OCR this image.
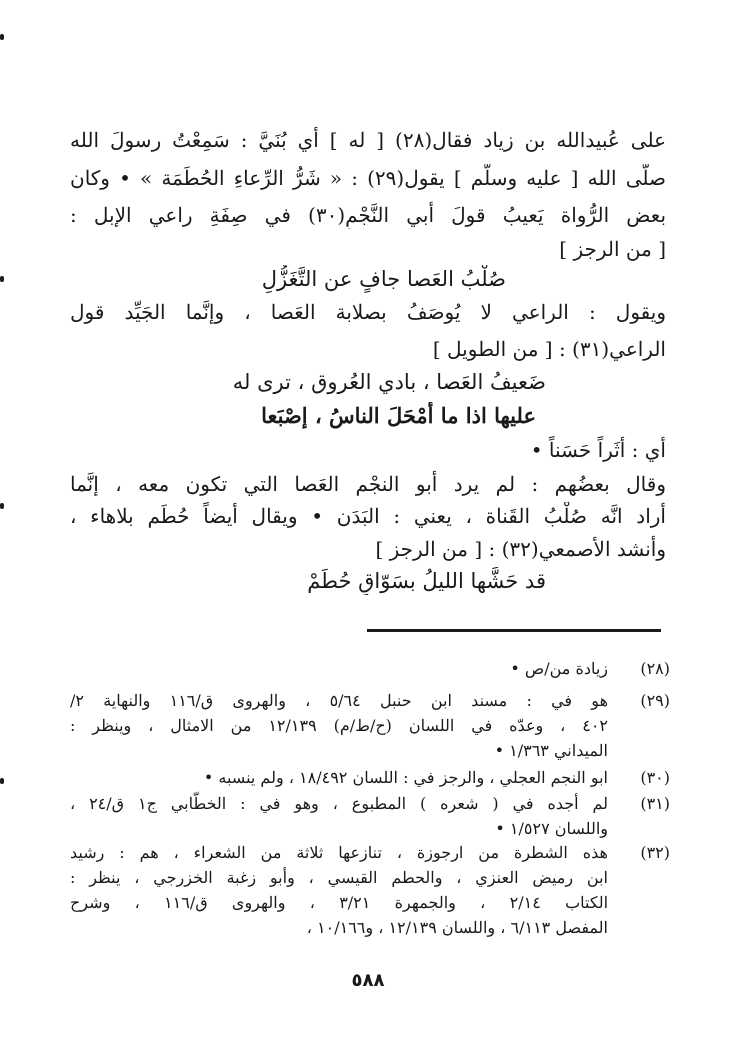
على عُبيدالله بن زياد فقال(٢٨) [ له ] أي بُنَيَّ : سَمِعْتُ رسولَ الله
صلّى الله [ عليه وسلّم ] يقول(٢٩) : « شَرُّ الرِّعاءِ الحُطَمَة » • وكان
بعض الرُّواة يَعيبُ قولَ أبي النَّجْمِ(٣٠) في صِفَةِ راعي الإبل :
[ من الرجز ]
صُلْبُ العَصا جافٍ عن التَّغَزُّلِ
ويقول : الراعي لا يُوصَفُ بصلابة العَصا ، وإنَّما الجَيِّد قول
الراعي(٣١) : [ من الطويل ]
ضَعيفُ العَصا ، بادي العُروق ، ترى له
عليها اذا ما أَمْحَلَ الناسُ ، إصْبَعا
أي : أَثَراً حَسَناً •
وقال بعضُهم : لم يرد أبو النجْم العَصا التي تكون معه ، إنَّما
أراد انَّه صُلْبُ القَناة ، يعني : البَدَن • ويقال أيضاً حُطَم بلاهاء ،
وأنشد الأصمعي(٣٢) : [ من الرجز ]
قد حَشَّها الليلُ بسَوّاقٍ حُطَمْ
(٢٨)
زيادة من/ص •
(٢٩)
هو في : مسند ابن حنبل ٥/٦٤ ، والهروى ق/١١٦ والنهاية ٢/
٤٠٢ ، وعدّه في اللسان (ح/ط/م) ١٢/١٣٩ من الامثال ، وينظر :
الميداني ١/٣٦٣ •
(٣٠)
ابو النجم العجلي ، والرجز في : اللسان ١٨/٤٩٢ ، ولم ينسبه •
(٣١)
لم أجده في ( شعره ) المطبوع ، وهو في : الخطّابي ج١ ق/٢٤ ،
واللسان ١/٥٢٧ •
(٣٢)
هذه الشطرة من ارجوزة ، تنازعها ثلاثة من الشعراء ، هم : رشيد
ابن رميض العنزي ، والحطم القيسي ، وأبو زغبة الخزرجي ، ينظر :
الكتاب ٢/١٤ ، والجمهرة ٣/٢١ ، والهروى ق/١١٦ ، وشرح
المفصل ٦/١١٣ ، واللسان ١٢/١٣٩ ، و١٠/١٦٦ ،
٥٨٨
